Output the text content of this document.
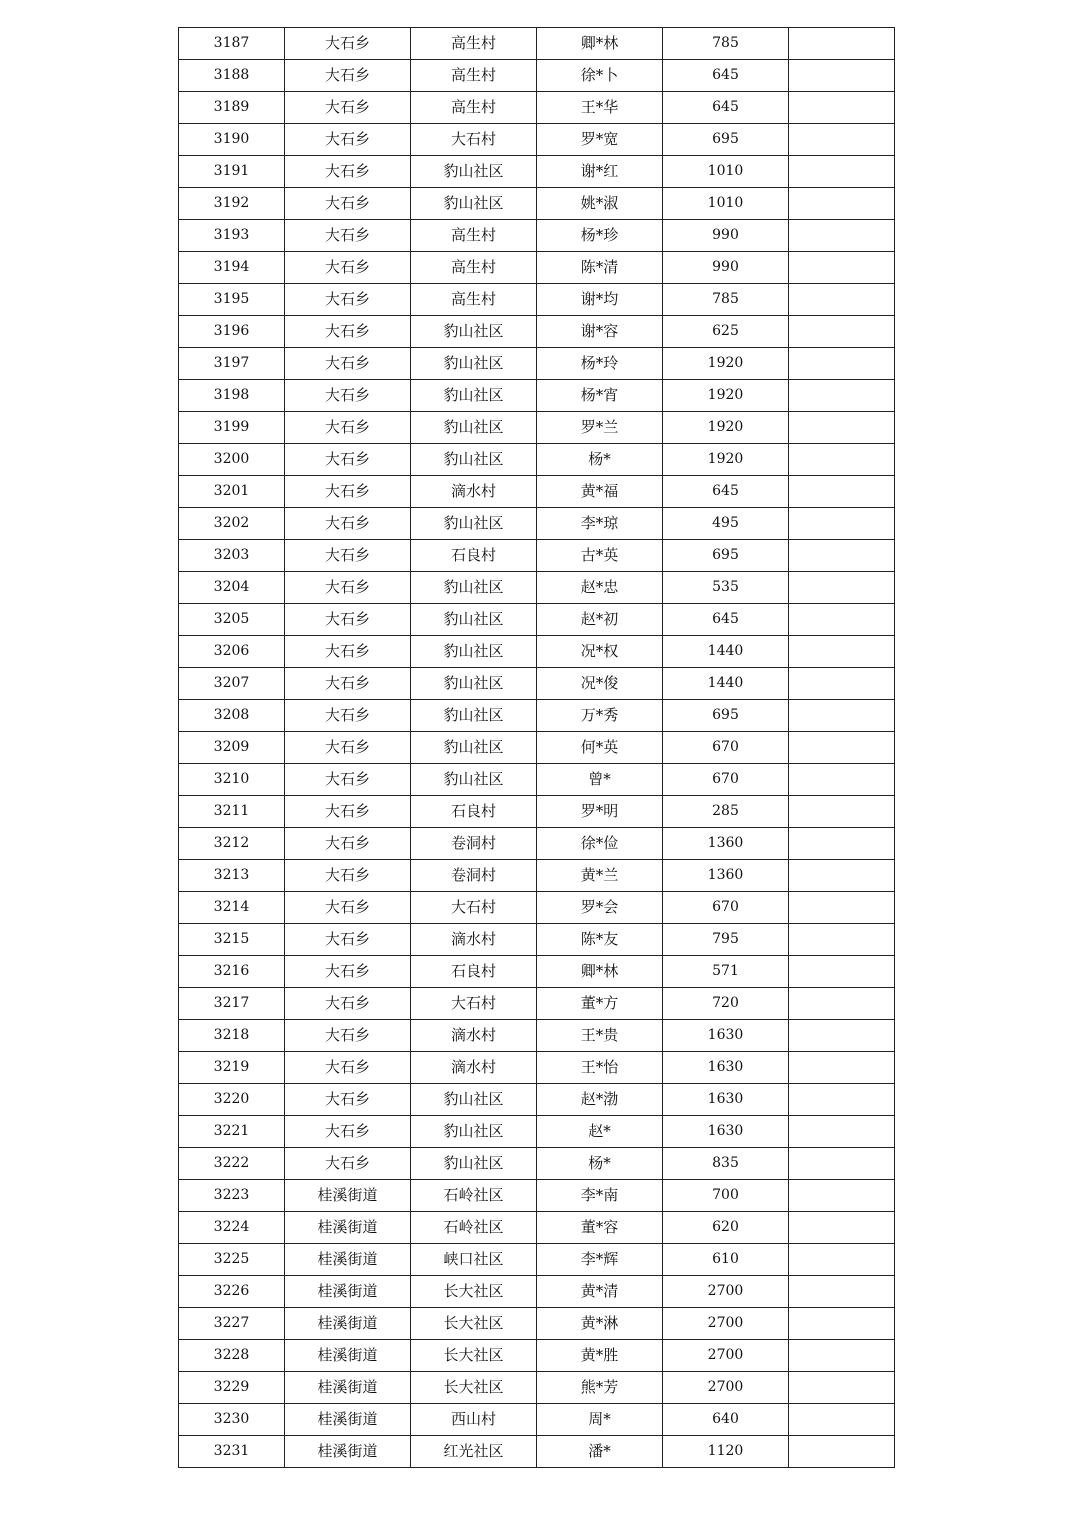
3187	大石乡	高生村	卿*林	785	
3188	大石乡	高生村	徐*卜	645	
3189	大石乡	高生村	王*华	645	
3190	大石乡	大石村	罗*宽	695	
3191	大石乡	豹山社区	谢*红	1010	
3192	大石乡	豹山社区	姚*淑	1010	
3193	大石乡	高生村	杨*珍	990	
3194	大石乡	高生村	陈*清	990	
3195	大石乡	高生村	谢*均	785	
3196	大石乡	豹山社区	谢*容	625	
3197	大石乡	豹山社区	杨*玲	1920	
3198	大石乡	豹山社区	杨*宵	1920	
3199	大石乡	豹山社区	罗*兰	1920	
3200	大石乡	豹山社区	杨*	1920	
3201	大石乡	滴水村	黄*福	645	
3202	大石乡	豹山社区	李*琼	495	
3203	大石乡	石良村	古*英	695	
3204	大石乡	豹山社区	赵*忠	535	
3205	大石乡	豹山社区	赵*初	645	
3206	大石乡	豹山社区	况*权	1440	
3207	大石乡	豹山社区	况*俊	1440	
3208	大石乡	豹山社区	万*秀	695	
3209	大石乡	豹山社区	何*英	670	
3210	大石乡	豹山社区	曾*	670	
3211	大石乡	石良村	罗*明	285	
3212	大石乡	卷洞村	徐*俭	1360	
3213	大石乡	卷洞村	黄*兰	1360	
3214	大石乡	大石村	罗*会	670	
3215	大石乡	滴水村	陈*友	795	
3216	大石乡	石良村	卿*林	571	
3217	大石乡	大石村	董*方	720	
3218	大石乡	滴水村	王*贵	1630	
3219	大石乡	滴水村	王*怡	1630	
3220	大石乡	豹山社区	赵*渤	1630	
3221	大石乡	豹山社区	赵*	1630	
3222	大石乡	豹山社区	杨*	835	
3223	桂溪街道	石岭社区	李*南	700	
3224	桂溪街道	石岭社区	董*容	620	
3225	桂溪街道	峡口社区	李*辉	610	
3226	桂溪街道	长大社区	黄*清	2700	
3227	桂溪街道	长大社区	黄*淋	2700	
3228	桂溪街道	长大社区	黄*胜	2700	
3229	桂溪街道	长大社区	熊*芳	2700	
3230	桂溪街道	西山村	周*	640	
3231	桂溪街道	红光社区	潘*	1120	
